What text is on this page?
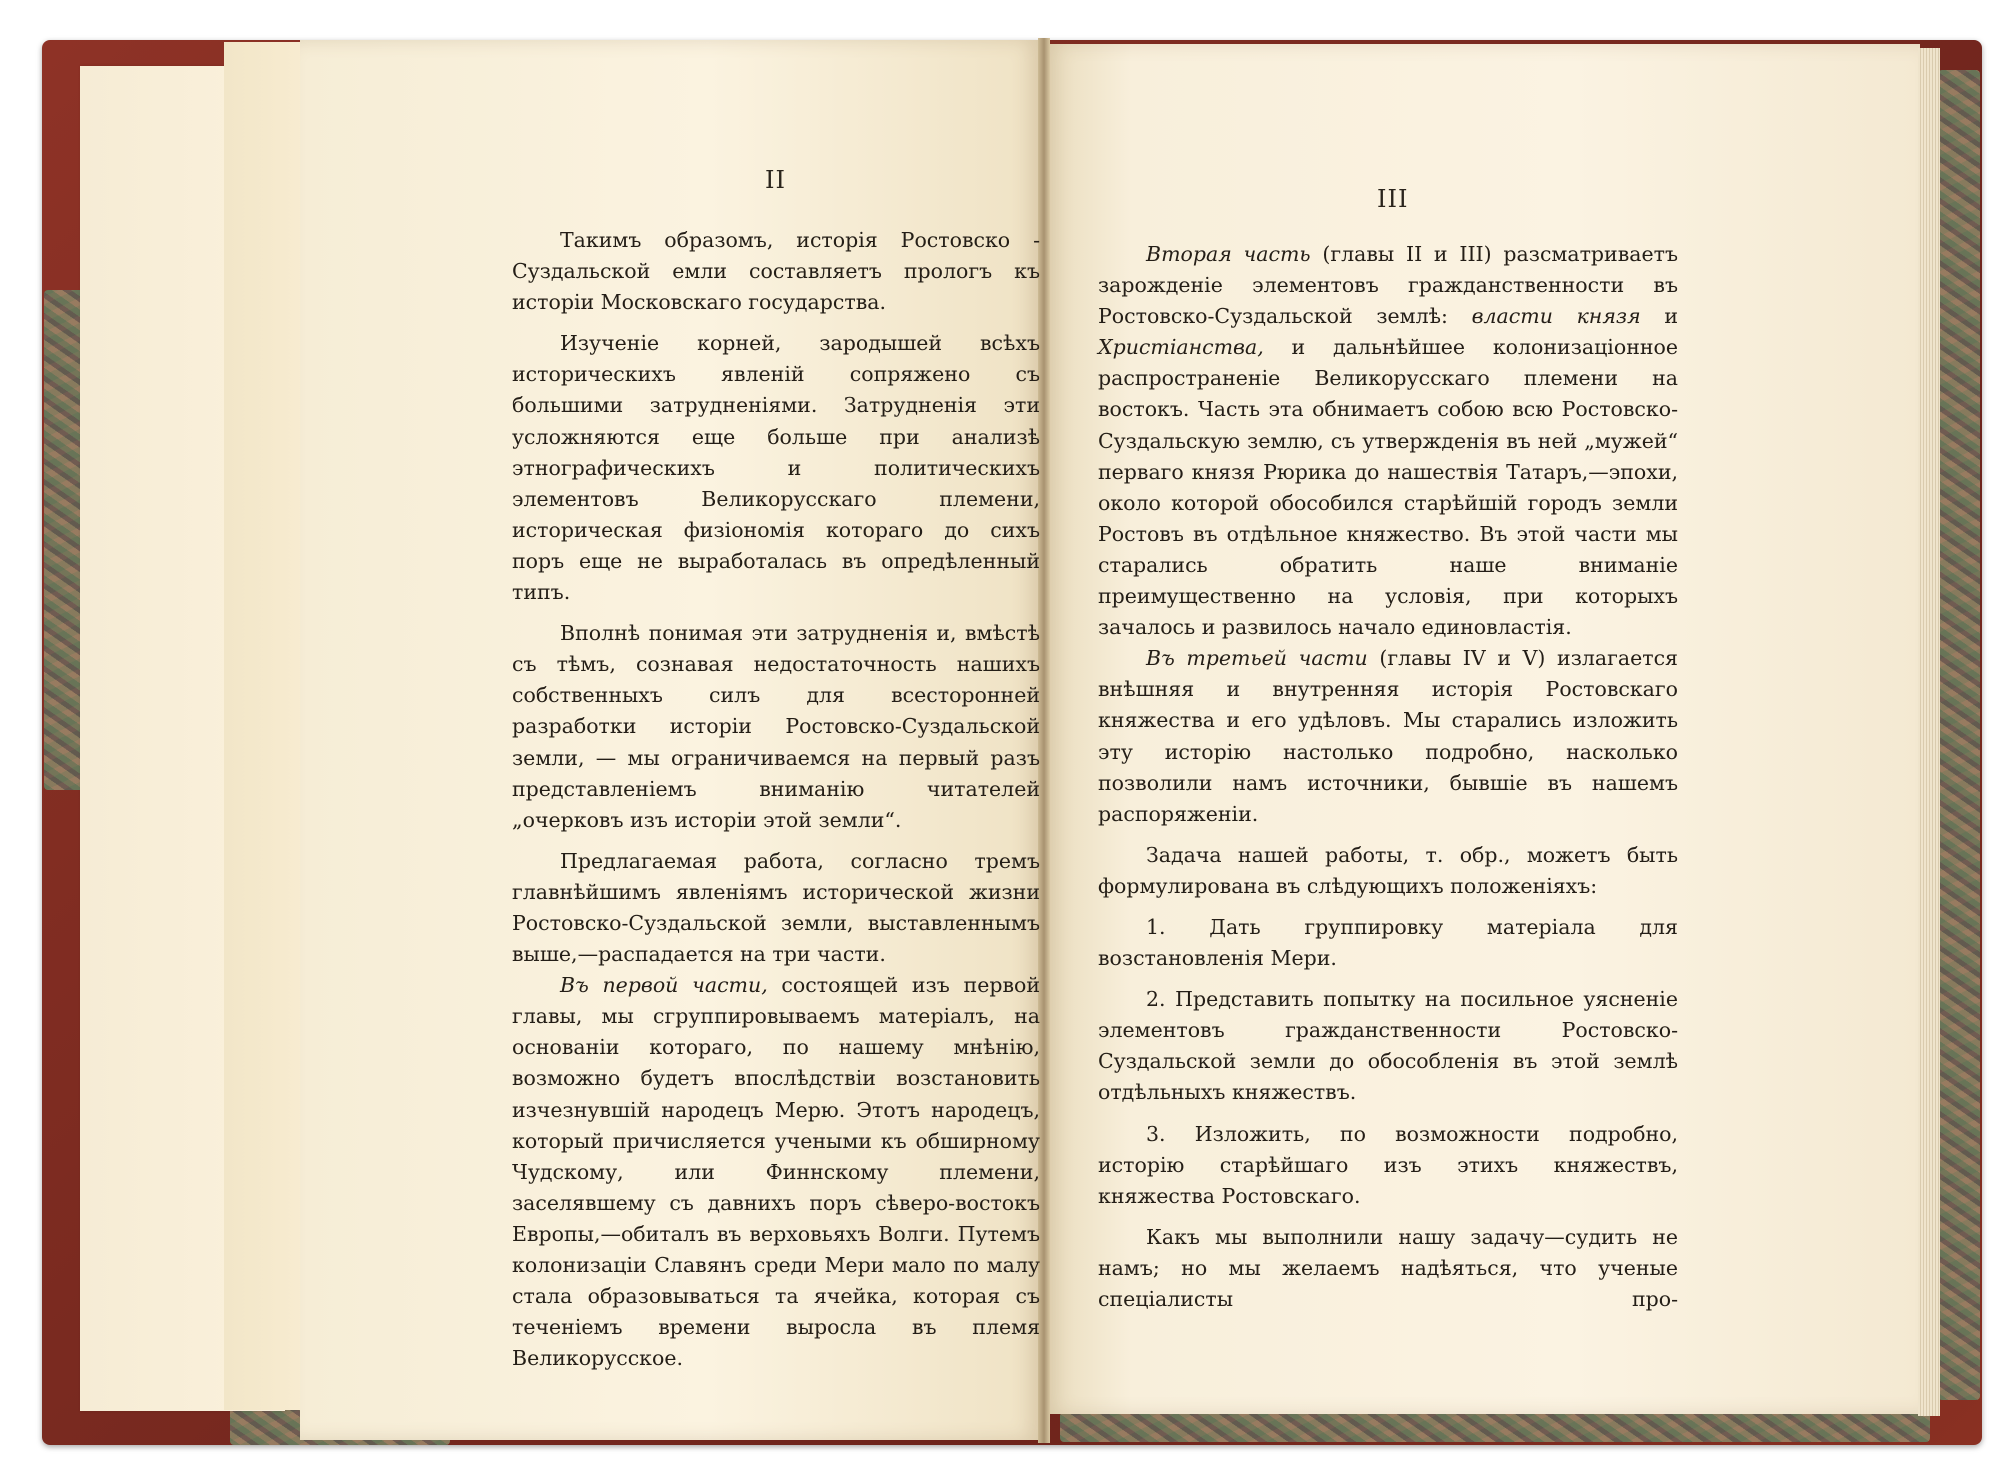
II
III

Такимъ образомъ, исторія Ростовско - Суздальской емли составляетъ прологъ къ исторіи Московскаго государства.

Изученіе корней, зародышей всѣхъ историческихъ явленій сопряжено съ большими затрудненіями. Затрудненія эти усложняются еще больше при анализѣ этнографическихъ и политическихъ элементовъ Великорусскаго племени, историческая физіономія котораго до сихъ поръ еще не выработалась въ опредѣленный типъ.

Вполнѣ понимая эти затрудненія и, вмѣстѣ съ тѣмъ, сознавая недостаточность нашихъ собственныхъ силъ для всесторонней разработки исторіи Ростовско-Суздальской земли, — мы ограничиваемся на первый разъ представленіемъ вниманію читателей „очерковъ изъ исторіи этой земли“.

Предлагаемая работа, согласно тремъ главнѣйшимъ явленіямъ исторической жизни Ростовско-Суздальской земли, выставленнымъ выше,—распадается на три части.

Въ первой части, состоящей изъ первой главы, мы сгруппировываемъ матеріалъ, на основаніи котораго, по нашему мнѣнію, возможно будетъ впослѣдствіи возстановить изчезнувшій народецъ Мерю. Этотъ народецъ, который причисляется учеными къ обширному Чудскому, или Финнскому племени, заселявшему съ давнихъ поръ сѣверо-востокъ Европы,—обиталъ въ верховьяхъ Волги. Путемъ колонизаціи Славянъ среди Мери мало по малу стала образовываться та ячейка, которая съ теченіемъ времени выросла въ племя Великорусское.

Вторая часть (главы II и III) разсматриваетъ зарожденіе элементовъ гражданственности въ Ростовско-Суздальской землѣ: власти князя и Христіанства, и дальнѣйшее колонизаціонное распространеніе Великорусскаго племени на востокъ. Часть эта обнимаетъ собою всю Ростовско-Суздальскую землю, съ утвержденія въ ней „мужей“ перваго князя Рюрика до нашествія Татаръ,—эпохи, около которой обособился старѣйшій городъ земли Ростовъ въ отдѣльное княжество. Въ этой части мы старались обратить наше вниманіе преимущественно на условія, при которыхъ зачалось и развилось начало единовластія.

Въ третьей части (главы IV и V) излагается внѣшняя и внутренняя исторія Ростовскаго княжества и его удѣловъ. Мы старались изложить эту исторію настолько подробно, насколько позволили намъ источники, бывшіе въ нашемъ распоряженіи.

Задача нашей работы, т. обр., можетъ быть формулирована въ слѣдующихъ положеніяхъ:

1. Дать группировку матеріала для возстановленія Мери.

2. Представить попытку на посильное уясненіе элементовъ гражданственности Ростовско-Суздальской земли до обособленія въ этой землѣ отдѣльныхъ княжествъ.

3. Изложить, по возможности подробно, исторію старѣйшаго изъ этихъ княжествъ, княжества Ростовскаго.

Какъ мы выполнили нашу задачу—судить не намъ; но мы желаемъ надѣяться, что ученые спеціалисты про-
